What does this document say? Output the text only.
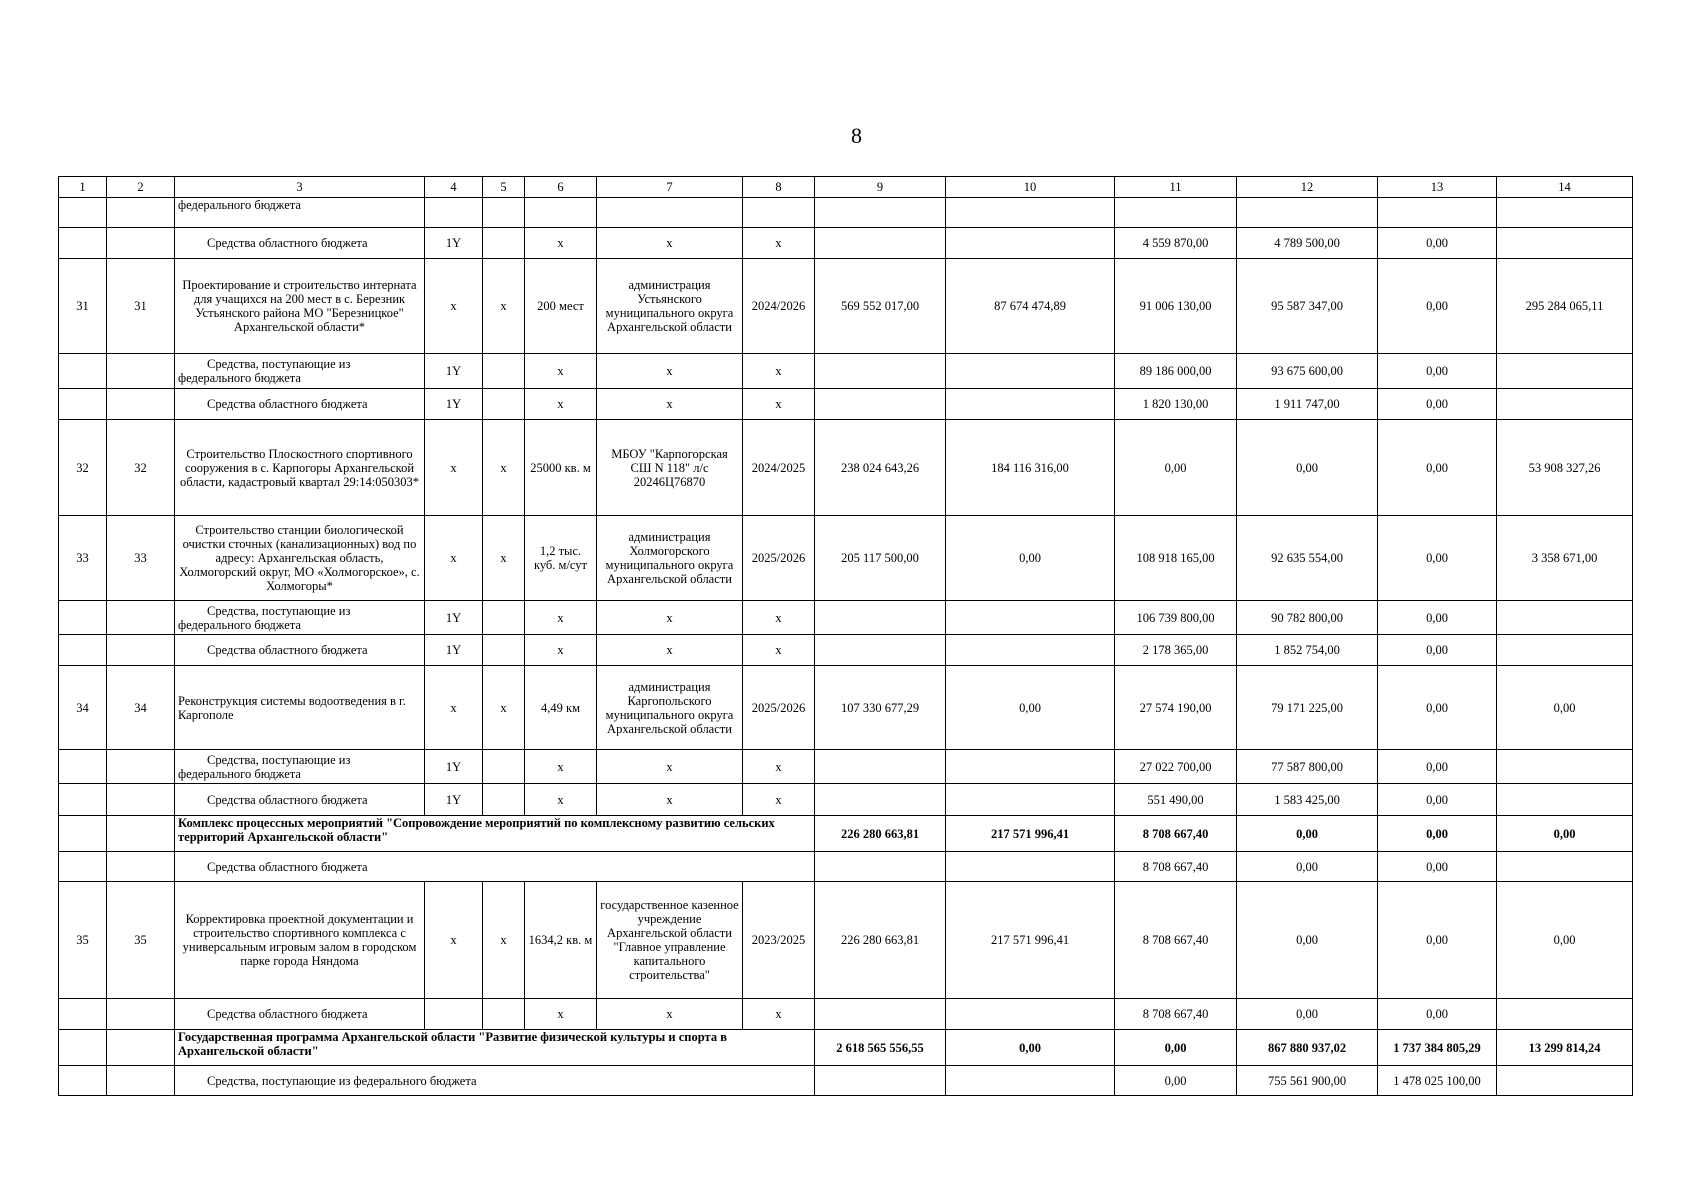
8
1	2	3	4	5	6	7	8	9	10	11	12	13	14
		федерального бюджета											
		Средства областного бюджета	1Y		х	х	х			4 559 870,00	4 789 500,00	0,00	
31	31	Проектирование и строительство интерната для учащихся на 200 мест в с. Березник Устьянского района МО "Березницкое" Архангельской области*	х	х	200 мест	администрация Устьянского муниципального округа Архангельской области	2024/2026	569 552 017,00	87 674 474,89	91 006 130,00	95 587 347,00	0,00	295 284 065,11
		Средства, поступающие из федерального бюджета	1Y		х	х	х			89 186 000,00	93 675 600,00	0,00	
		Средства областного бюджета	1Y		х	х	х			1 820 130,00	1 911 747,00	0,00	
32	32	Строительство Плоскостного спортивного сооружения в с. Карпогоры Архангельской области, кадастровый квартал 29:14:050303*	х	х	25000 кв. м	МБОУ "Карпогорская СШ N 118" л/с 20246Ц76870	2024/2025	238 024 643,26	184 116 316,00	0,00	0,00	0,00	53 908 327,26
33	33	Строительство станции биологической очистки сточных (канализационных) вод по адресу: Архангельская область, Холмогорский округ, МО «Холмогорское», с. Холмогоры*	х	х	1,2 тыс. куб. м/сут	администрация Холмогорского муниципального округа Архангельской области	2025/2026	205 117 500,00	0,00	108 918 165,00	92 635 554,00	0,00	3 358 671,00
		Средства, поступающие из федерального бюджета	1Y		х	х	х			106 739 800,00	90 782 800,00	0,00	
		Средства областного бюджета	1Y		х	х	х			2 178 365,00	1 852 754,00	0,00	
34	34	Реконструкция системы водоотведения в г. Каргополе	х	х	4,49 км	администрация Каргопольского муниципального округа Архангельской области	2025/2026	107 330 677,29	0,00	27 574 190,00	79 171 225,00	0,00	0,00
		Средства, поступающие из федерального бюджета	1Y		х	х	х			27 022 700,00	77 587 800,00	0,00	
		Средства областного бюджета	1Y		х	х	х			551 490,00	1 583 425,00	0,00	
		Комплекс процессных мероприятий "Сопровождение мероприятий по комплексному развитию сельских территорий Архангельской области"						226 280 663,81	217 571 996,41	8 708 667,40	0,00	0,00	0,00
		Средства областного бюджета								8 708 667,40	0,00	0,00	
35	35	Корректировка проектной документации и строительство спортивного комплекса с универсальным игровым залом в городском парке города Няндома	х	х	1634,2 кв. м	государственное казенное учреждение Архангельской области "Главное управление капитального строительства"	2023/2025	226 280 663,81	217 571 996,41	8 708 667,40	0,00	0,00	0,00
		Средства областного бюджета			х	х	х			8 708 667,40	0,00	0,00	
		Государственная программа Архангельской области "Развитие физической культуры и спорта в Архангельской области"						2 618 565 556,55	0,00	0,00	867 880 937,02	1 737 384 805,29	13 299 814,24
		Средства, поступающие из федерального бюджета								0,00	755 561 900,00	1 478 025 100,00	
